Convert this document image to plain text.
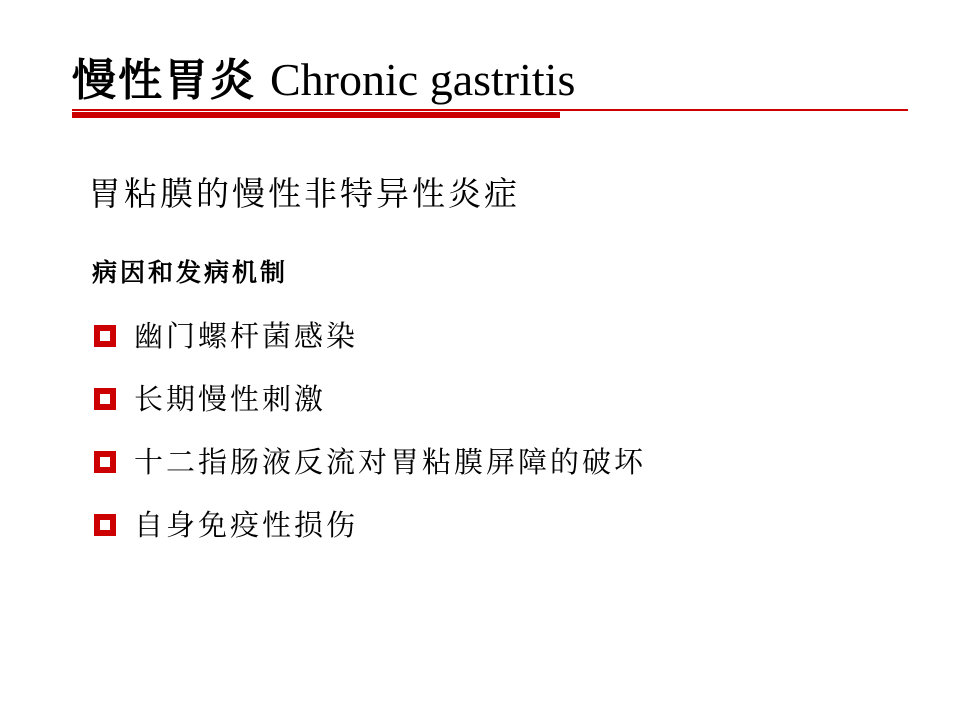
慢性胃炎 Chronic gastritis

胃粘膜的慢性非特异性炎症

病因和发病机制

幽门螺杆菌感染
长期慢性刺激
十二指肠液反流对胃粘膜屏障的破坏
自身免疫性损伤
